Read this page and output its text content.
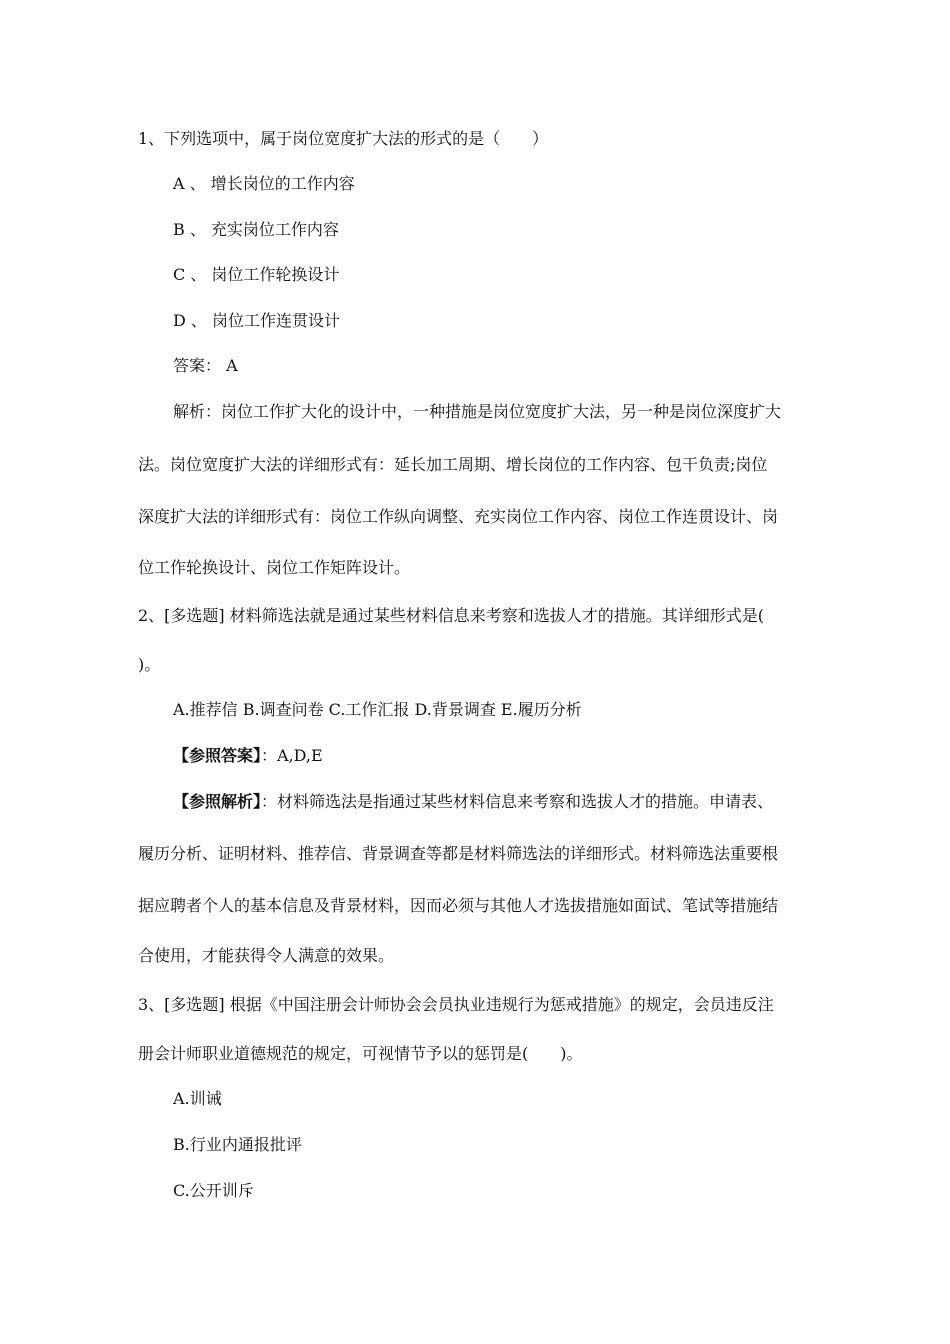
1、下列选项中，属于岗位宽度扩大法的形式的是（　　）
A 、 增长岗位的工作内容
B 、 充实岗位工作内容
C 、 岗位工作轮换设计
D 、 岗位工作连贯设计
答案： A
解析：岗位工作扩大化的设计中，一种措施是岗位宽度扩大法，另一种是岗位深度扩大
法。岗位宽度扩大法的详细形式有：延长加工周期、增长岗位的工作内容、包干负责;岗位
深度扩大法的详细形式有：岗位工作纵向调整、充实岗位工作内容、岗位工作连贯设计、岗
位工作轮换设计、岗位工作矩阵设计。
2、[多选题] 材料筛选法就是通过某些材料信息来考察和选拔人才的措施。其详细形式是(
)。
A.推荐信 B.调查问卷 C.工作汇报 D.背景调查 E.履历分析
【参照答案】：A,D,E
【参照解析】：材料筛选法是指通过某些材料信息来考察和选拔人才的措施。申请表、
履历分析、证明材料、推荐信、背景调查等都是材料筛选法的详细形式。材料筛选法重要根
据应聘者个人的基本信息及背景材料，因而必须与其他人才选拔措施如面试、笔试等措施结
合使用，才能获得令人满意的效果。
3、[多选题] 根据《中国注册会计师协会会员执业违规行为惩戒措施》的规定，会员违反注
册会计师职业道德规范的规定，可视情节予以的惩罚是(　　)。
A.训诫
B.行业内通报批评
C.公开训斥
